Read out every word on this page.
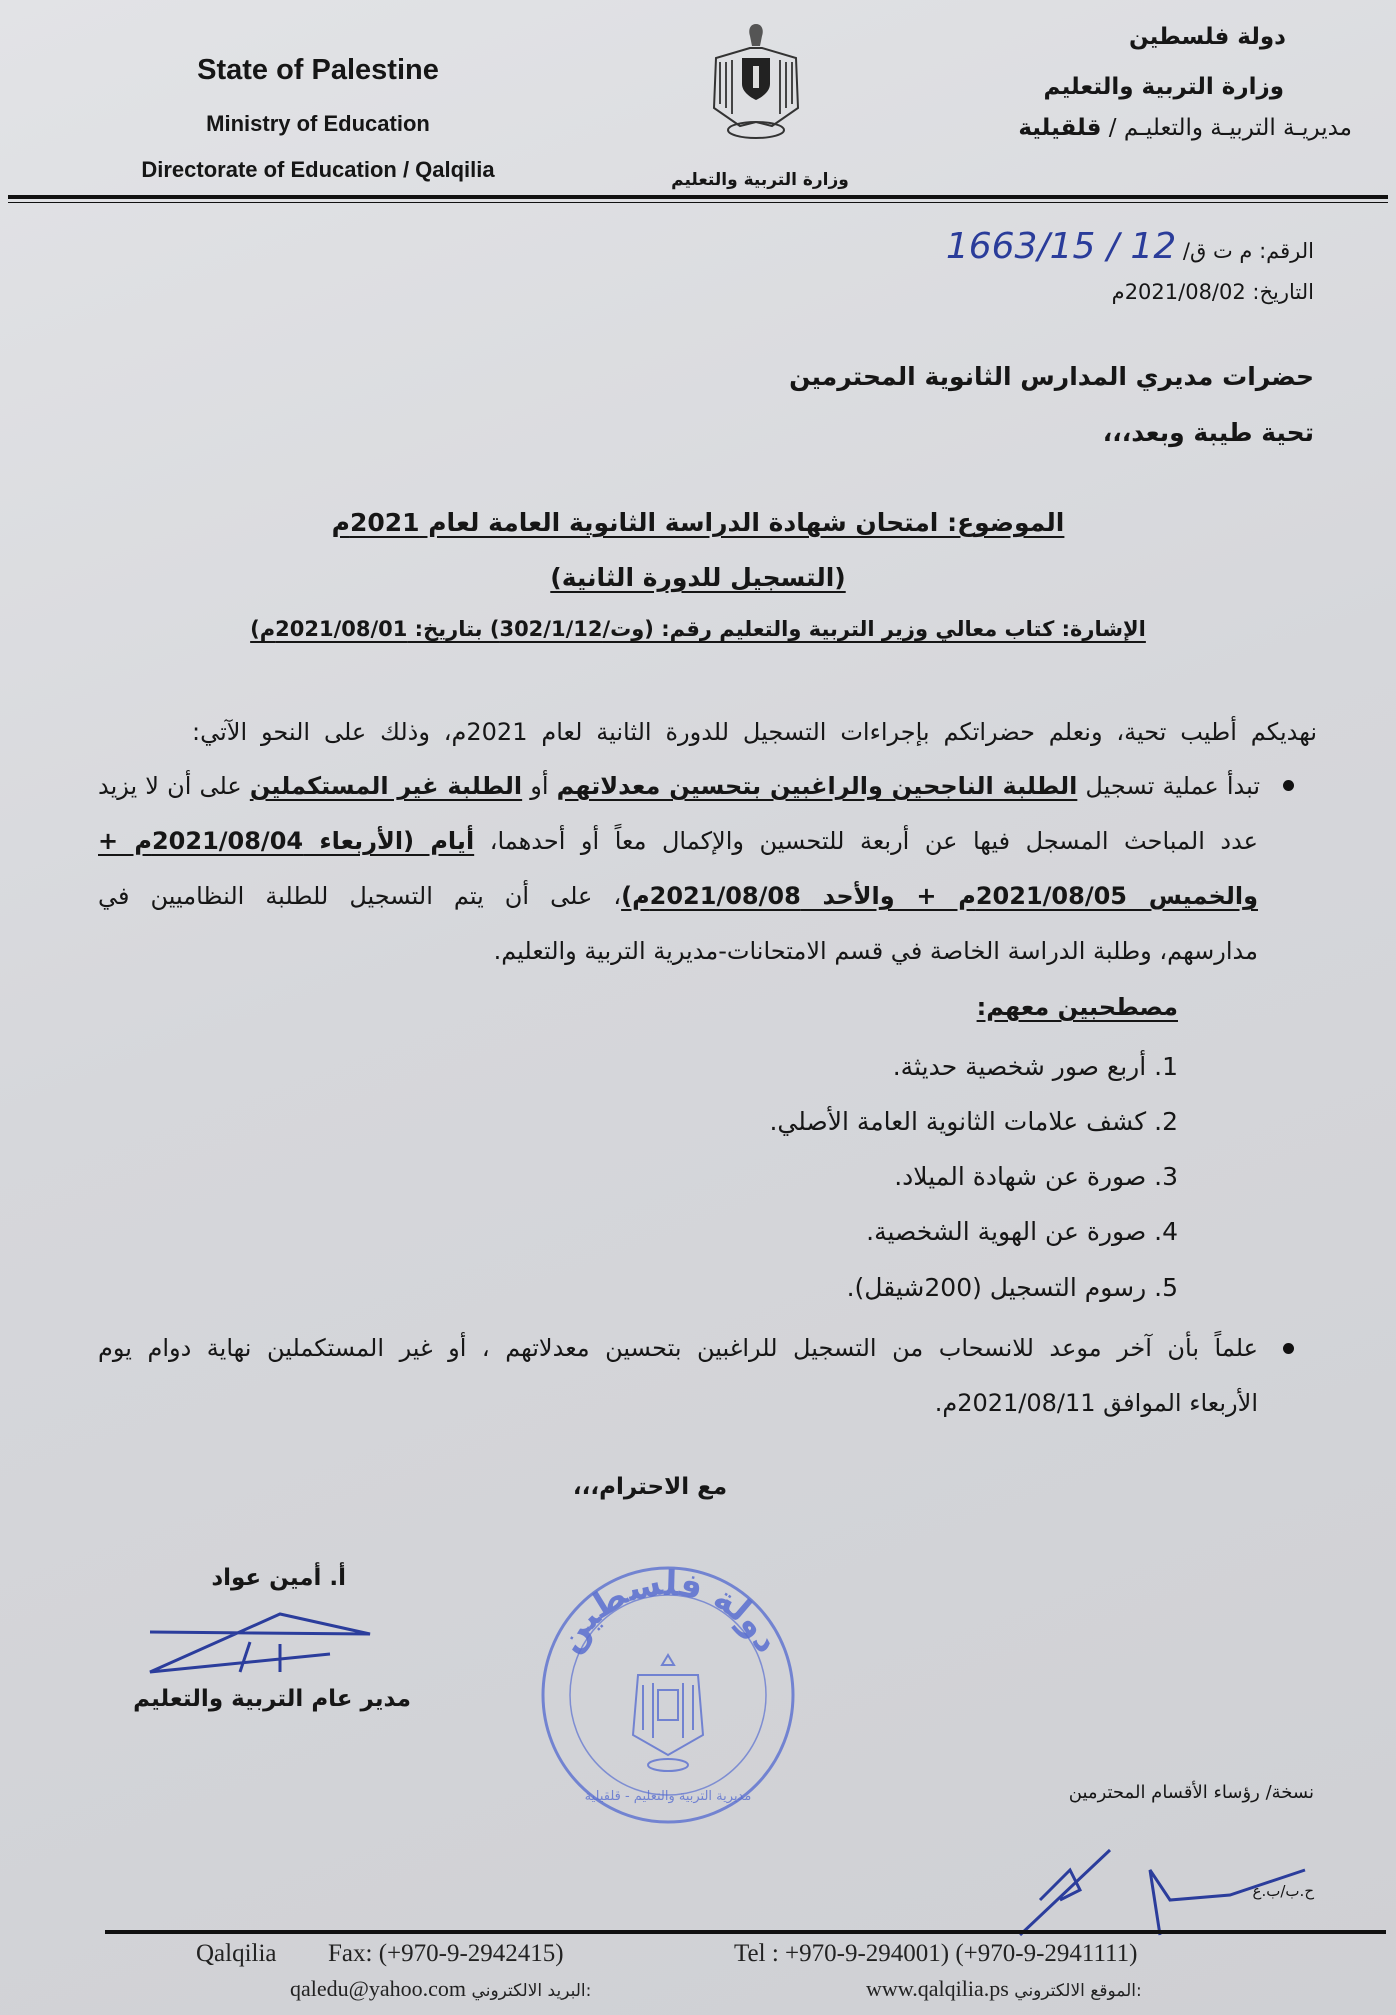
State of Palestine
Ministry of Education
Directorate of Education / Qalqilia	وزارة التربية والتعليم
دولة فلسطين
وزارة التربية والتعليم
مديريـة التربيـة والتعليـم / قلقيلية
الرقم: م ت ق/ 1663/15 / 12
التاريخ: 2021/08/02م
حضرات مديري المدارس الثانوية المحترمين
تحية طيبة وبعد،،،
الموضوع: امتحان شهادة الدراسة الثانوية العامة لعام 2021م
(التسجيل للدورة الثانية)
الإشارة: كتاب معالي وزير التربية والتعليم رقم: (وت/302/1/12) بتاريخ: 2021/08/01م)
نهديكم أطيب تحية، ونعلم حضراتكم بإجراءات التسجيل للدورة الثانية لعام 2021م، وذلك على النحو الآتي:
تبدأ عملية تسجيل الطلبة الناجحين والراغبين بتحسين معدلاتهم أو الطلبة غير المستكملين على أن لا يزيد
عدد المباحث المسجل فيها عن أربعة للتحسين والإكمال معاً أو أحدهما، أيام (الأربعاء 2021/08/04م +
والخميس 2021/08/05م + والأحد 2021/08/08م)، على أن يتم التسجيل للطلبة النظاميين في
مدارسهم، وطلبة الدراسة الخاصة في قسم الامتحانات-مديرية التربية والتعليم.
مصطحبين معهم:
1. أربع صور شخصية حديثة.
2. كشف علامات الثانوية العامة الأصلي.
3. صورة عن شهادة الميلاد.
4. صورة عن الهوية الشخصية.
5. رسوم التسجيل (200شيقل).
علماً بأن آخر موعد للانسحاب من التسجيل للراغبين بتحسين معدلاتهم ، أو غير المستكملين نهاية دوام يوم
الأربعاء الموافق 2021/08/11م.
مع الاحترام،،،
أ. أمين عواد
مدير عام التربية والتعليم
دولة فلسطين
مديرية التربية والتعليم - قلقيلية	نسخة/ رؤساء الأقسام المحترمين
ح.ب/ب.ع
Qalqilia Fax: (+970-9-2942415)	Tel : +970-9-294001) (+970-9-2941111)
qaledu@yahoo.com البريد الالكتروني:	www.qalqilia.ps الموقع الالكتروني:
